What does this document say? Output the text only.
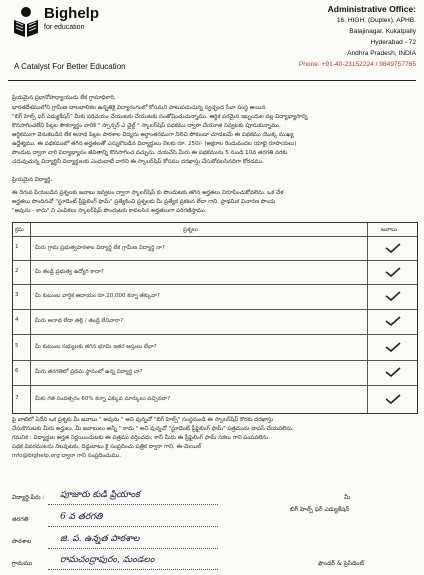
Bighelp
for education
A Catalyst For Better Education
Administrative Office:
16, HIGH. (Duplex), APHB.
Balajinagar, Kukatpally
Hyderabad - 72
Andhra Pradesh, INDIA
Phone: +91-40-23152224 / 9849757765
ప్రియమైన ప్రధానోపాధ్యాయుడు లేక గ్రామాధికారి,
భారతదేశములోని గ్రామీణ బాలబాలికల ఉన్నతికై విద్యారంగంలో కోసమని పాటుపడుచున్న స్వచ్ఛంద సేవా సంస్థ అయిన
"బిగ్ హెల్ప్ ఫర్ ఎడ్యుకేషన్" మీకు పరిచయం చేయుటకు చేయుటకు సంతోషించుచున్నాము. ఆర్థిక పరమైన ఇబ్బందుల వల్ల విద్యాభ్యాసాన్ని
కొనసాగించలేని పిల్లల సౌకర్యార్థం వారికి " స్పాన్సర్ ఎ ఛైల్డ్ " స్కాలర్‌షిప్ పథకము ద్వారా చేయూత నివ్వటకు పూనుకున్నాము.
ఆర్థికముగా వెనుకబడిన లేక అనాథ పిల్లల పాఠశాల విద్యను అర్థాంతరముగా నిలిచి పోకుండా చూడటమే ఈ పథకము యొక్క ముఖ్య
ఉద్దేశ్యము. ఈ పథకములో తగిన అర్హతలతో ఎన్నుకొబడిన విద్యార్థులు నెలకు రూ. 250/- (అక్షరాల రెండువందల యాభై రూపాయలు)
పొందుట ద్వారా వారి విద్యాభ్యాసం జీవితాన్ని కొనసాగించ వచ్చును. దయచేసి మీరు ఈ పథకమును 5 నుండి 10వ తరగతి వరకు
చదువుచున్న విద్యార్థినీ విద్యార్థులకు ఎందుబాటే వారిని ఈ స్కాలర్‌షిప్ కోసము దరఖాస్తు చేసుకోవలసినదిగా కోరడము.
ప్రియమైన విద్యార్థి,
ఈ దిగువ పేయబడిన ప్రశ్నలకు జవాబు ఇవ్వటం ద్వారా స్కాలర్‌షిప్ కు పొందుటకు తగిన అర్హతలు నిరూపించుకోవలెను. ఒక వేళ
అర్హతలు పొందినచో "స్టూడెంట్ ప్రీఫైలింగ్ ఫామ్" ప్రత్యేకించి ప్రశ్నలకు మీ ప్రత్యేక ప్రకటన లేదా గాని. ప్రాథమిక విచారణ పొందు
"అవును - కాదు" ని ఎంపికలు స్కాలర్‌షిప్ పొందుటకు కావలసిన అర్హతలుగా పరిగణిస్తాము.
క్రమ	ప్రశ్నలు	జవాబు
1	మీరు గ్రామ ప్రభుత్వపాఠశాల విద్యార్థి లేక గ్రామీణ విద్యార్థి నా?
2	మీ తండ్రి ప్రభుత్వ ఉద్యోగి కాదా?
3	మీ కుటుంబ వార్షిక ఆదాయం రూ.20,000 కన్నా తక్కువా?
4	మీరు అనాథ లేదా తల్లి / తండ్రి లేనివారా?
5	మీ కుటుంబ సభ్యులకు తగిన భూమి ఇతర ఆస్తులు లేవా?
6	మీరు తరగతిలో ప్రథమ స్థానంలో ఉన్న విద్యార్థి నా?
7	మీకు గత సంవత్సరం 60% కన్నా ఎక్కువ మార్కులు వచ్చినవా?
పై వాటిలో ఏదేని ఒక ప్రశ్నకు మీ జవాబు " అవును " అని వున్నచో "బిగ్ హెల్ప్" సంస్థనుండి ఈ స్కాలర్‌షిప్ కొరకు దరఖాస్తు
చేసుకొనుటకు మీరు అర్హులు. మీ జవాబులు అన్నీ " కాదు " అని వున్నచో "స్టూడెంట్ ప్రీఫైలింగ్ ఫామ్" పత్రమును వాపస్ చేయవలెను.
గమనిక : విద్యార్థుల అర్హత నిర్ణయించుటకు ఈ పత్రము వర్తించదు; కానీ మీరు ఈ ప్రీఫైలింగ్ ఫామ్ నకలు గాని పంపవలెను.
పథక వివరములను నిలవుటకు, దిద్దుబాటు కై సంప్రదించు పత్రిక ద్వారా గాని, ఈ-మెయిల్
info@bighelp.org ద్వారా గాని సంప్రదించుము.
విద్యార్థి పేరు : పూజారు కుడి ప్రియాంక
తరగతి	6 వ తరగతి
పాఠశాల	జి. ప. ఉన్నత పాఠశాల
గ్రామము	రామచంద్రాపురం, మండలం
మీ
బిగ్ హెల్ప్ ఫర్ ఎడ్యుకేషన్
ఫౌండర్ & ప్రెసిడెంట్
